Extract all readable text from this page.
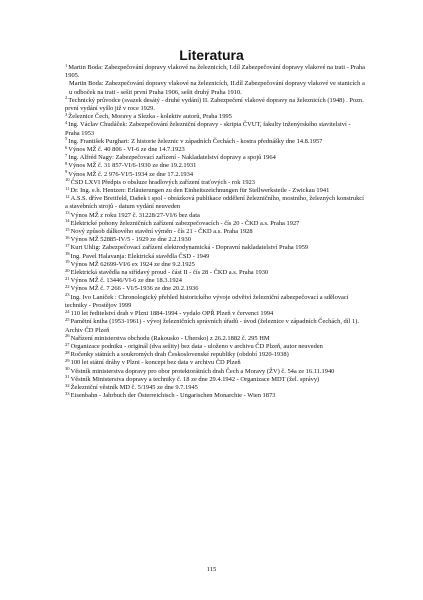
Literatura

$^1$Martin Boda: Zabezpečování dopravy vlakové na železnicích, I.díl Zabezpečování dopravy vlakové na trati - Praha 1905.

Martin Boda: Zabezpečování dopravy vlakové na železnicích, II.díl Zabezpečování dopravy vlakové ve stanicích a u odboček na trati - sešit první Praha 1906, sešit druhý Praha 1910.

$^2$Technický průvodce (svazek desátý - druhé vydání) II. Zabezpečení vlakové dopravy na železnicích (1948) . Pozn. první vydání vyšlo již v roce 1929.

$^3$Železnice Čech, Moravy a Slezka - kolektiv autorů, Praha 1995

$^4$Ing. Václav Chudáček: Zabezpečování železniční dopravy - skripta ČVUT, fakulty inženýrského stavitelství - Praha 1953

$^5$Ing. František Purghart: Z historie železnic v západních Čechách - kostra přednášky dne 14.8.1957

$^6$Výnos MŽ č. 40 806 - VI-6 ze dne 14.7.1923

$^7$Ing. Alfréd Nagy: Zabezpečovací zařízení - Nakladatelství dopravy a spojů 1964

$^8$Výnos MŽ č. 31 857-VI/6-1930 ze dne 19.2.1931

$^9$Výnos MŽ č. 2 976-VI/5-1934 ze dne 17.2.1934

$^{10}$ČSD LXVI Předpis o obsluze hradlových zařízení traťových - rok 1923

$^{11}$Dr. Ing. e.h. Hentzen: Erläuterungen zu den Einheitszeichnungen für Stellwerksteile - Zwickau 1941

$^{12}$A.S.S. dříve Breitfeld, Daňek i spol - obrázková publikace oddělení železničního, mostního, železných konstrukcí a stavebních strojů - datum vydání neuveden

$^{13}$Výnos MŽ z roku 1927 č. 31228/27-VI/6 bez data

$^{14}$Elektrické pohony železničních zařízení zabezpečovacích - čís 20 - ČKD a.s. Praha 1927

$^{15}$Nový způsob dálkového stavění výměn - čís 21 - ČKD a.s. Praha 1928

$^{16}$Výnos MŽ 52885-IV/5 - 1929 ze dne 2.2.1930

$^{17}$Kurt Uhlig: Zabezpečovací zařízení elektrodynamická - Dopravní nakladatelství Praha 1959

$^{18}$Ing. Pavel Halavanja: Elektrická stavědla ČSD - 1949

$^{19}$Výnos MŽ 62699-VI/6 ex 1924 ze dne 9.2.1925

$^{20}$Elektrická stavědla na střídavý proud - část II - čís 28 - ČKD a.s. Praha 1930

$^{21}$Výnos MŽ č. 13446/VI-6 ze dne 18.3.1924

$^{22}$Výnos MŽ č. 7 266 - VI/5-1936 ze dne 20.2.1936

$^{23}$Ing. Ivo Laníček : Chronologický přehled historického vývoje odvětví železniční zabezpečovací a sdělovací techniky - Prostějov 1999

$^{24}$110 let ředitelství drah v Plzni 1884-1994 - vydalo OPŘ Plzeň v červenci 1994

$^{25}$Pamětní kniha (1953-1961) - vývoj železničních správních úřadů - úvod (železnice v západních Čechách, díl 1). Archiv ČD Plzeň

$^{26}$Nařízení ministerstva obchodu (Rakousko - Uhersko) z 26.2.1882 č. 295 HM

$^{27}$Organizace podniku - originál (dva sešity) bez data - uloženo v archivu ČD Plzeň, autor neuveden

$^{28}$Ročenky státních a soukromých drah Československé republiky (období 1920-1938)

$^{29}$100 let státní dráhy v Plzni - koncept bez data v archivu ČD Plzeň

$^{30}$Věstník ministerstva dopravy pro obor protektorátních drah Čech a Moravy (ŽV) č. 54a ze 16.11.1940

$^{31}$Věstník Ministerstva dopravy a techniky č. 18 ze dne 29.4.1942 - Organizace MDT (žel. správy)

$^{32}$Železniční věstník MD č. 5/1945 ze dne 9.7.1945

$^{33}$Eisenbahn - Jahrbuch der Österreichisch - Ungarischen Monarchie - Wien 1873

115
